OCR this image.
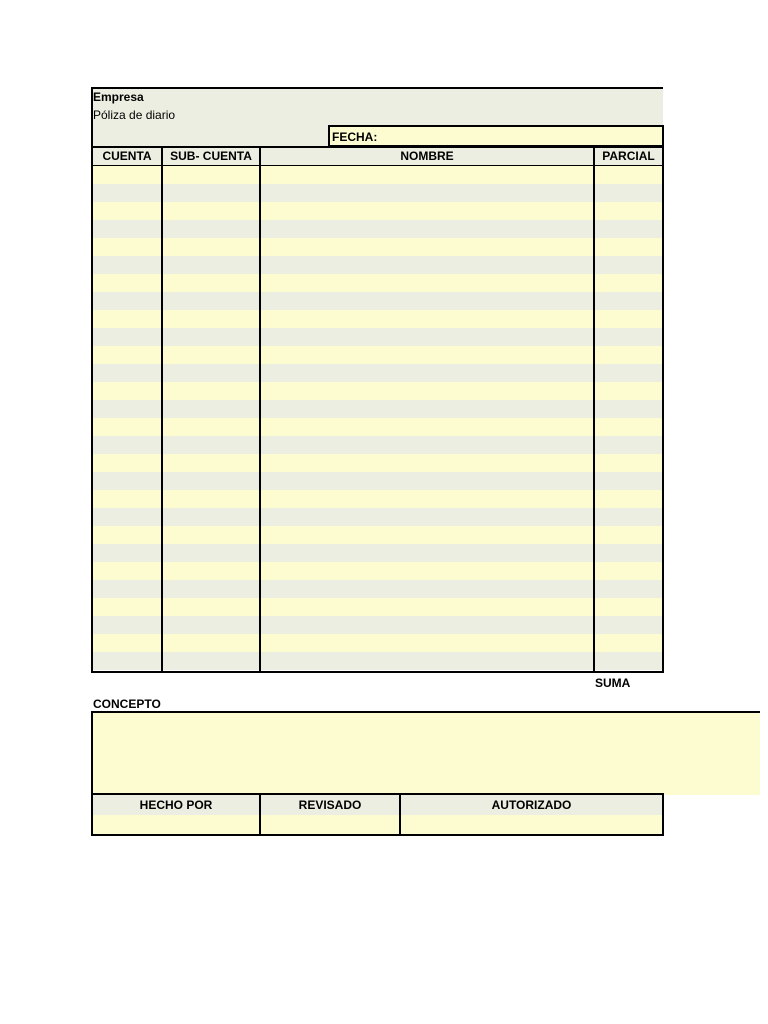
Empresa
Póliza de diario
FECHA:
CUENTA	SUB- CUENTA	NOMBRE	PARCIAL
SUMA
CONCEPTO
HECHO POR	REVISADO	AUTORIZADO
